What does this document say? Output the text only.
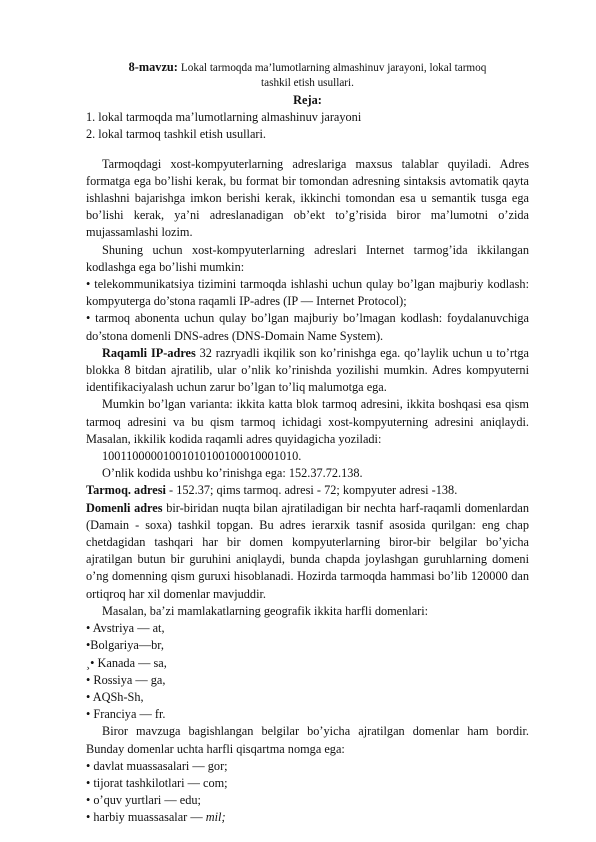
8-mavzu: Lokal tarmoqda ma’lumotlarning almashinuv jarayoni, lokal tarmoq
tashkil etish usullari.
Reja:
1. lokal tarmoqda ma’lumotlarning almashinuv jarayoni
2. lokal tarmoq tashkil etish usullari.

Tarmoqdagi xost-kompyuterlarning adreslariga maxsus talablar quyiladi. Adres formatga ega bo’lishi kerak, bu format bir tomondan adresning sintaksis avtomatik qayta ishlashni bajarishga imkon berishi kerak, ikkinchi tomondan esa u semantik tusga ega bo’lishi kerak, ya’ni adreslanadigan ob’ekt to’g’risida biror ma’lumotni o’zida mujassamlashi lozim.

Shuning uchun xost-kompyuterlarning adreslari Internet tarmog’ida ikkilangan kodlashga ega bo’lishi mumkin:

• telekommunikatsiya tizimini tarmoqda ishlashi uchun qulay bo’lgan majburiy kodlash: kompyuterga do’stona raqamli IP-adres (IP — Internet Protocol);

• tarmoq abonenta uchun qulay bo’lgan majburiy bo’lmagan kodlash: foydalanuvchiga do’stona domenli DNS-adres (DNS-Domain Name System).

Raqamli IP-adres 32 razryadli ikqilik son ko’rinishga ega. qo’laylik uchun u to’rtga blokka 8 bitdan ajratilib, ular o’nlik ko’rinishda yozilishi mumkin. Adres kompyuterni identifikaciyalash uchun zarur bo’lgan to’liq malumotga ega.

Mumkin bo’lgan varianta: ikkita katta blok tarmoq adresini, ikkita boshqasi esa qism tarmoq adresini va bu qism tarmoq ichidagi xost-kompyuterning adresini aniqlaydi. Masalan, ikkilik kodida raqamli adres quyidagicha yoziladi:

10011000001001010100100010001010.

O’nlik kodida ushbu ko’rinishga ega: 152.37.72.138.

Tarmoq. adresi - 152.37; qims tarmoq. adresi - 72; kompyuter adresi -138.

Domenli adres bir-biridan nuqta bilan ajratiladigan bir nechta harf-raqamli domenlardan (Damain - soxa) tashkil topgan. Bu adres ierarxik tasnif asosida qurilgan: eng chap chetdagidan tashqari har bir domen kompyuterlarning biror-bir belgilar bo’yicha ajratilgan butun bir guruhini aniqlaydi, bunda chapda joylashgan guruhlarning domeni o’ng domenning qism guruxi hisoblanadi. Hozirda tarmoqda hammasi bo’lib 120000 dan ortiqroq har xil domenlar mavjuddir.

Masalan, ba’zi mamlakatlarning geografik ikkita harfli domenlari:

• Avstriya — at,
•Bolgariya—br,
¸• Kanada — sa,
• Rossiya — ga,
• AQSh-Sh,
• Franciya — fr.

Biror mavzuga bagishlangan belgilar bo’yicha ajratilgan domenlar ham bordir. Bunday domenlar uchta harfli qisqartma nomga ega:

• davlat muassasalari — gor;
• tijorat tashkilotlari — com;
• o’quv yurtlari — edu;
• harbiy muassasalar — mil;
